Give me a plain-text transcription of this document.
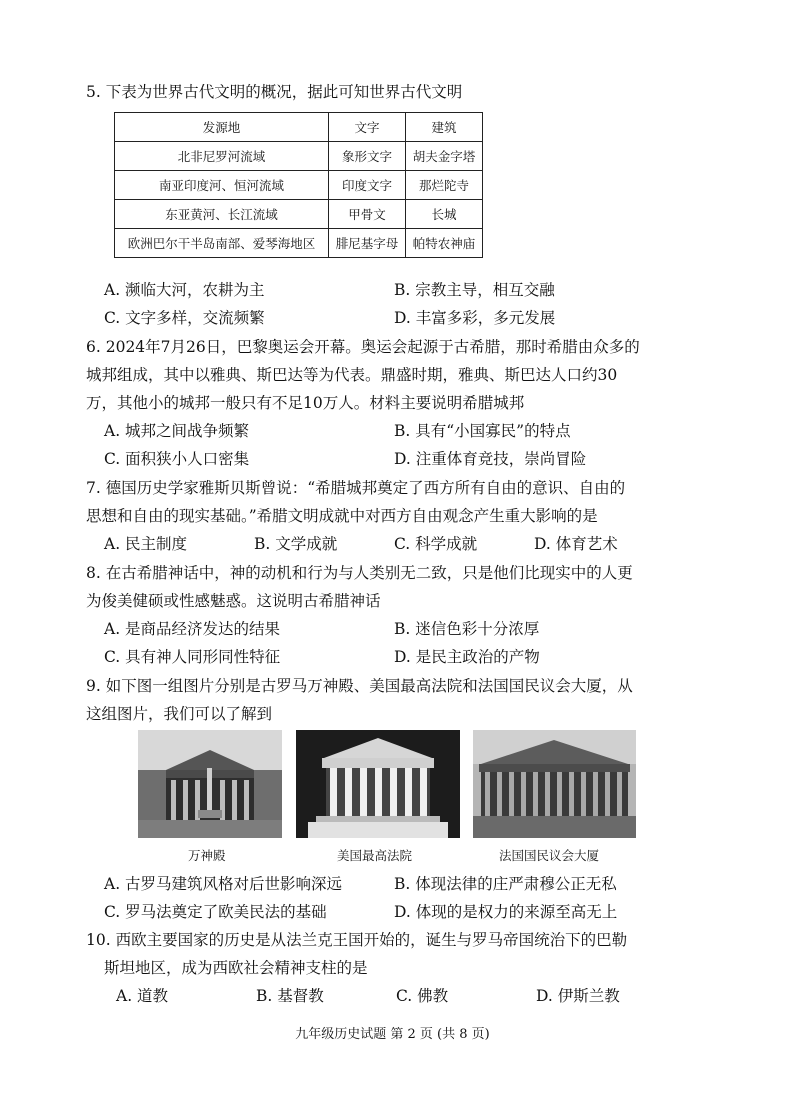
5. 下表为世界古代文明的概况，据此可知世界古代文明

发源地	文字	建筑
北非尼罗河流域	象形文字	胡夫金字塔
南亚印度河、恒河流域	印度文字	那烂陀寺
东亚黄河、长江流域	甲骨文	长城
欧洲巴尔干半岛南部、爱琴海地区	腓尼基字母	帕特农神庙
A. 濒临大河，农耕为主	B. 宗教主导，相互交融
C. 文字多样，交流频繁	D. 丰富多彩，多元发展

6. 2024年7月26日，巴黎奥运会开幕。奥运会起源于古希腊，那时希腊由众多的

城邦组成，其中以雅典、斯巴达等为代表。鼎盛时期，雅典、斯巴达人口约30

万，其他小的城邦一般只有不足10万人。材料主要说明希腊城邦

A. 城邦之间战争频繁	B. 具有“小国寡民”的特点
C. 面积狭小人口密集	D. 注重体育竞技，崇尚冒险

7. 德国历史学家雅斯贝斯曾说：“希腊城邦奠定了西方所有自由的意识、自由的

思想和自由的现实基础。”希腊文明成就中对西方自由观念产生重大影响的是

A. 民主制度	B. 文学成就	C. 科学成就	D. 体育艺术

8. 在古希腊神话中，神的动机和行为与人类别无二致，只是他们比现实中的人更

为俊美健硕或性感魅惑。这说明古希腊神话

A. 是商品经济发达的结果	B. 迷信色彩十分浓厚
C. 具有神人同形同性特征	D. 是民主政治的产物

9. 如下图一组图片分别是古罗马万神殿、美国最高法院和法国国民议会大厦，从

这组图片，我们可以了解到

万神殿	美国最高法院	法国国民议会大厦
A. 古罗马建筑风格对后世影响深远	B. 体现法律的庄严肃穆公正无私
C. 罗马法奠定了欧美民法的基础	D. 体现的是权力的来源至高无上

10. 西欧主要国家的历史是从法兰克王国开始的，诞生与罗马帝国统治下的巴勒

斯坦地区，成为西欧社会精神支柱的是

A. 道教	B. 基督教	C. 佛教	D. 伊斯兰教
九年级历史试题 第 2 页 (共 8 页)
